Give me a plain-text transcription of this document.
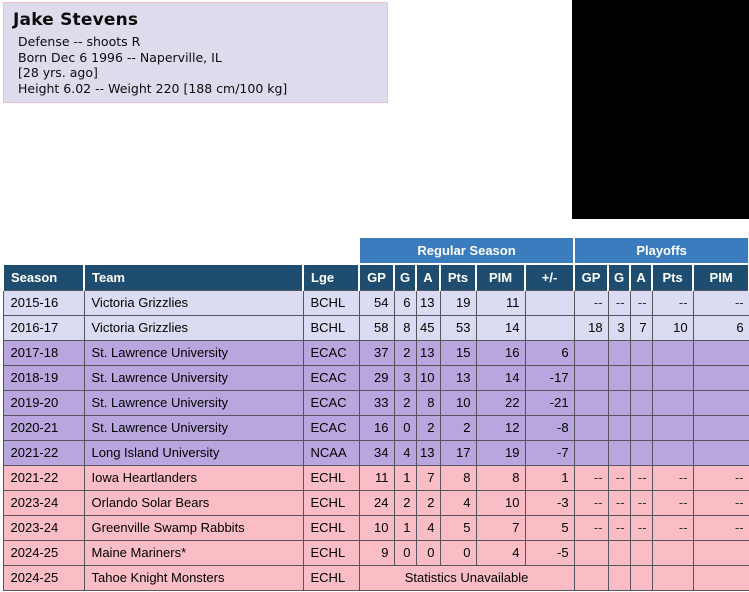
Jake Stevens
Defense -- shoots R
Born Dec 6 1996 -- Naperville, IL
[28 yrs. ago]
Height 6.02 -- Weight 220 [188 cm/100 kg]
			Regular Season						Playoffs				
Season	Team	Lge	GP	G	A	Pts	PIM	+/-	GP	G	A	Pts	PIM
2015-16	Victoria Grizzlies	BCHL	54	6	13	19	11		--	--	--	--	--
2016-17	Victoria Grizzlies	BCHL	58	8	45	53	14		18	3	7	10	6
2017-18	St. Lawrence University	ECAC	37	2	13	15	16	6					
2018-19	St. Lawrence University	ECAC	29	3	10	13	14	-17					
2019-20	St. Lawrence University	ECAC	33	2	8	10	22	-21					
2020-21	St. Lawrence University	ECAC	16	0	2	2	12	-8					
2021-22	Long Island University	NCAA	34	4	13	17	19	-7					
2021-22	Iowa Heartlanders	ECHL	11	1	7	8	8	1	--	--	--	--	--
2023-24	Orlando Solar Bears	ECHL	24	2	2	4	10	-3	--	--	--	--	--
2023-24	Greenville Swamp Rabbits	ECHL	10	1	4	5	7	5	--	--	--	--	--
2024-25	Maine Mariners*	ECHL	9	0	0	0	4	-5					
2024-25	Tahoe Knight Monsters	ECHL	Statistics Unavailable										
